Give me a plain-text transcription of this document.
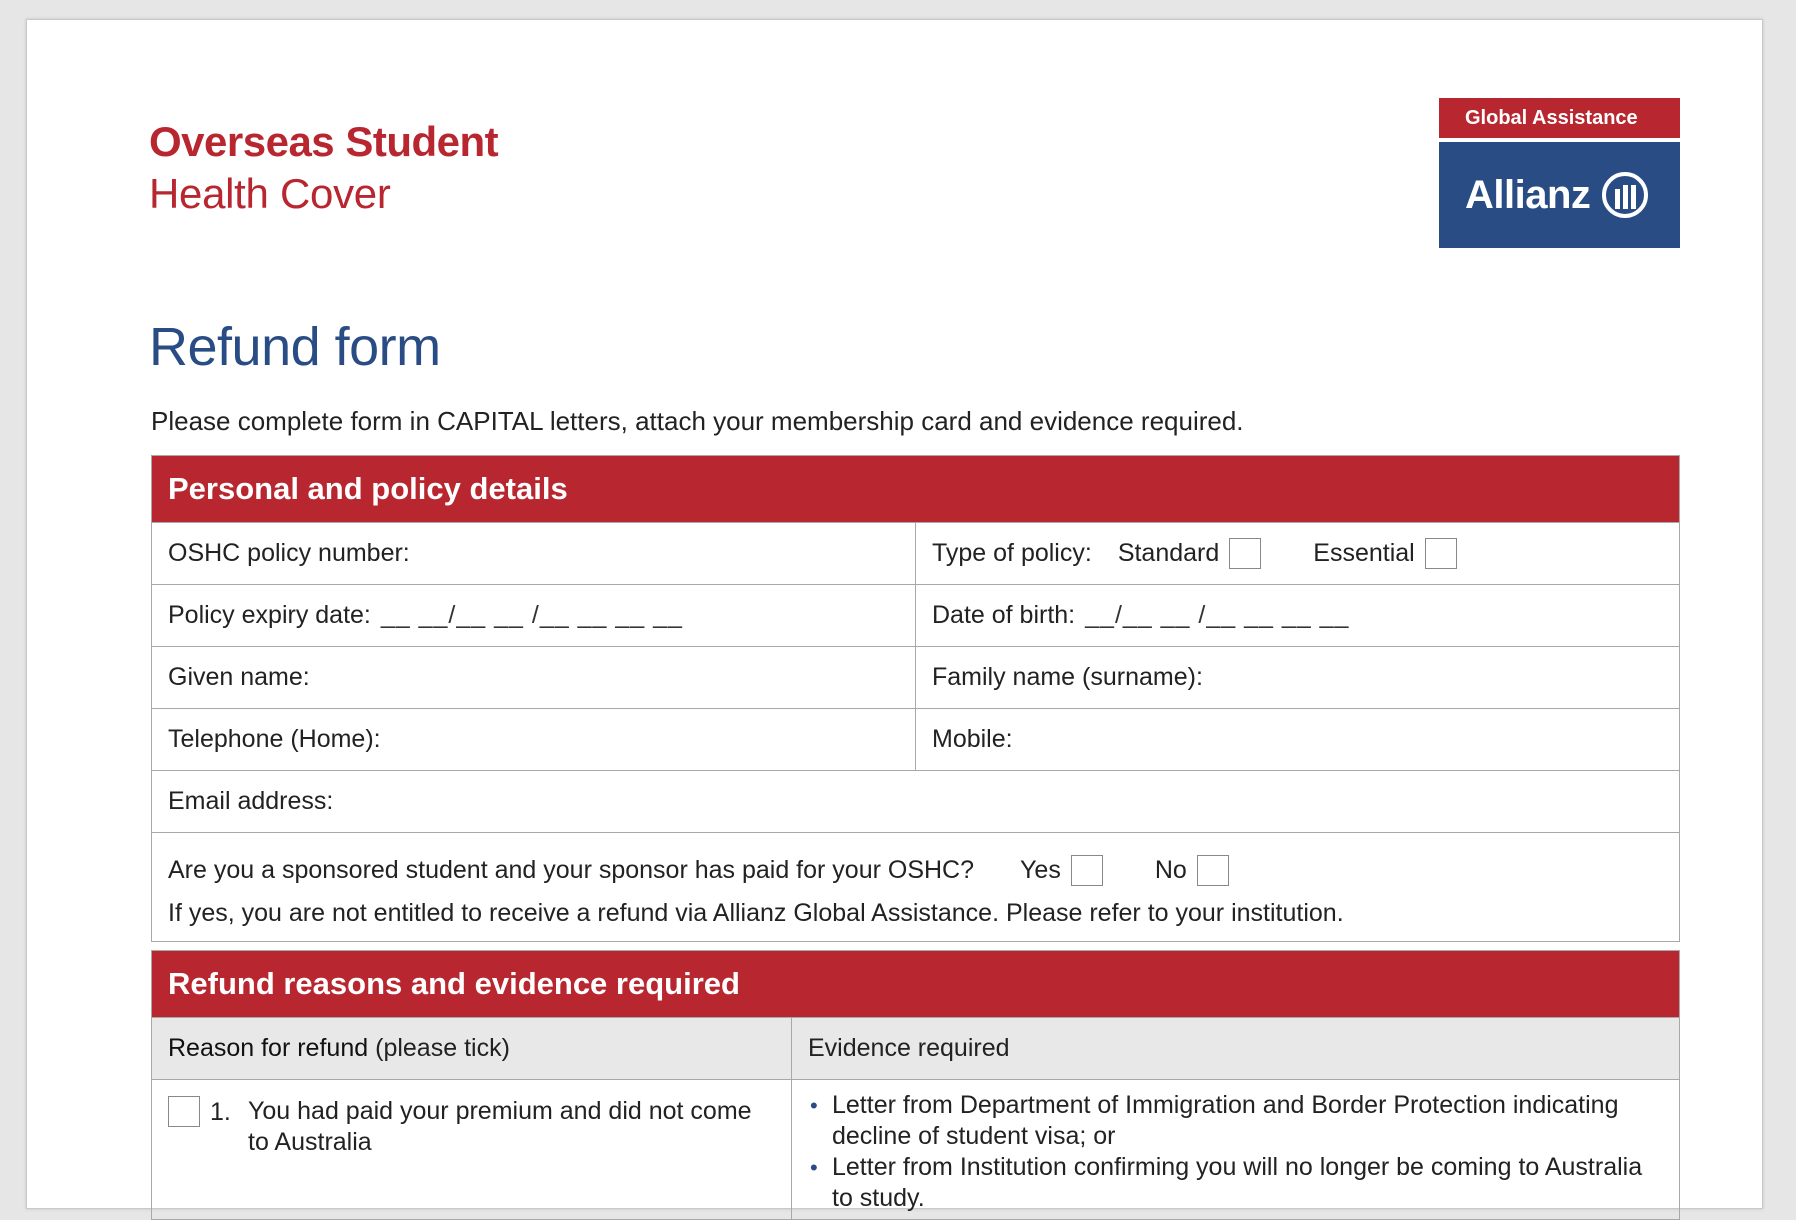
Overseas Student
Health Cover
Global Assistance
Allianz
Refund form
Please complete form in CAPITAL letters, attach your membership card and evidence required.
Personal and policy details
OSHC policy number:	Type of policy: Standard	Essential
Policy expiry date: __ __/__ __ /__ __ __ __	Date of birth: __/__ __ /__ __ __ __
Given name:	Family name (surname):
Telephone (Home):	Mobile:
Email address:
Are you a sponsored student and your sponsor has paid for your OSHC? Yes	No
If yes, you are not entitled to receive a refund via Allianz Global Assistance. Please refer to your institution.
Refund reasons and evidence required
Reason for refund (please tick)	Evidence required
1. You had paid your premium and did not come to Australia
• Letter from Department of Immigration and Border Protection indicating decline of student visa; or
• Letter from Institution confirming you will no longer be coming to Australia to study.
